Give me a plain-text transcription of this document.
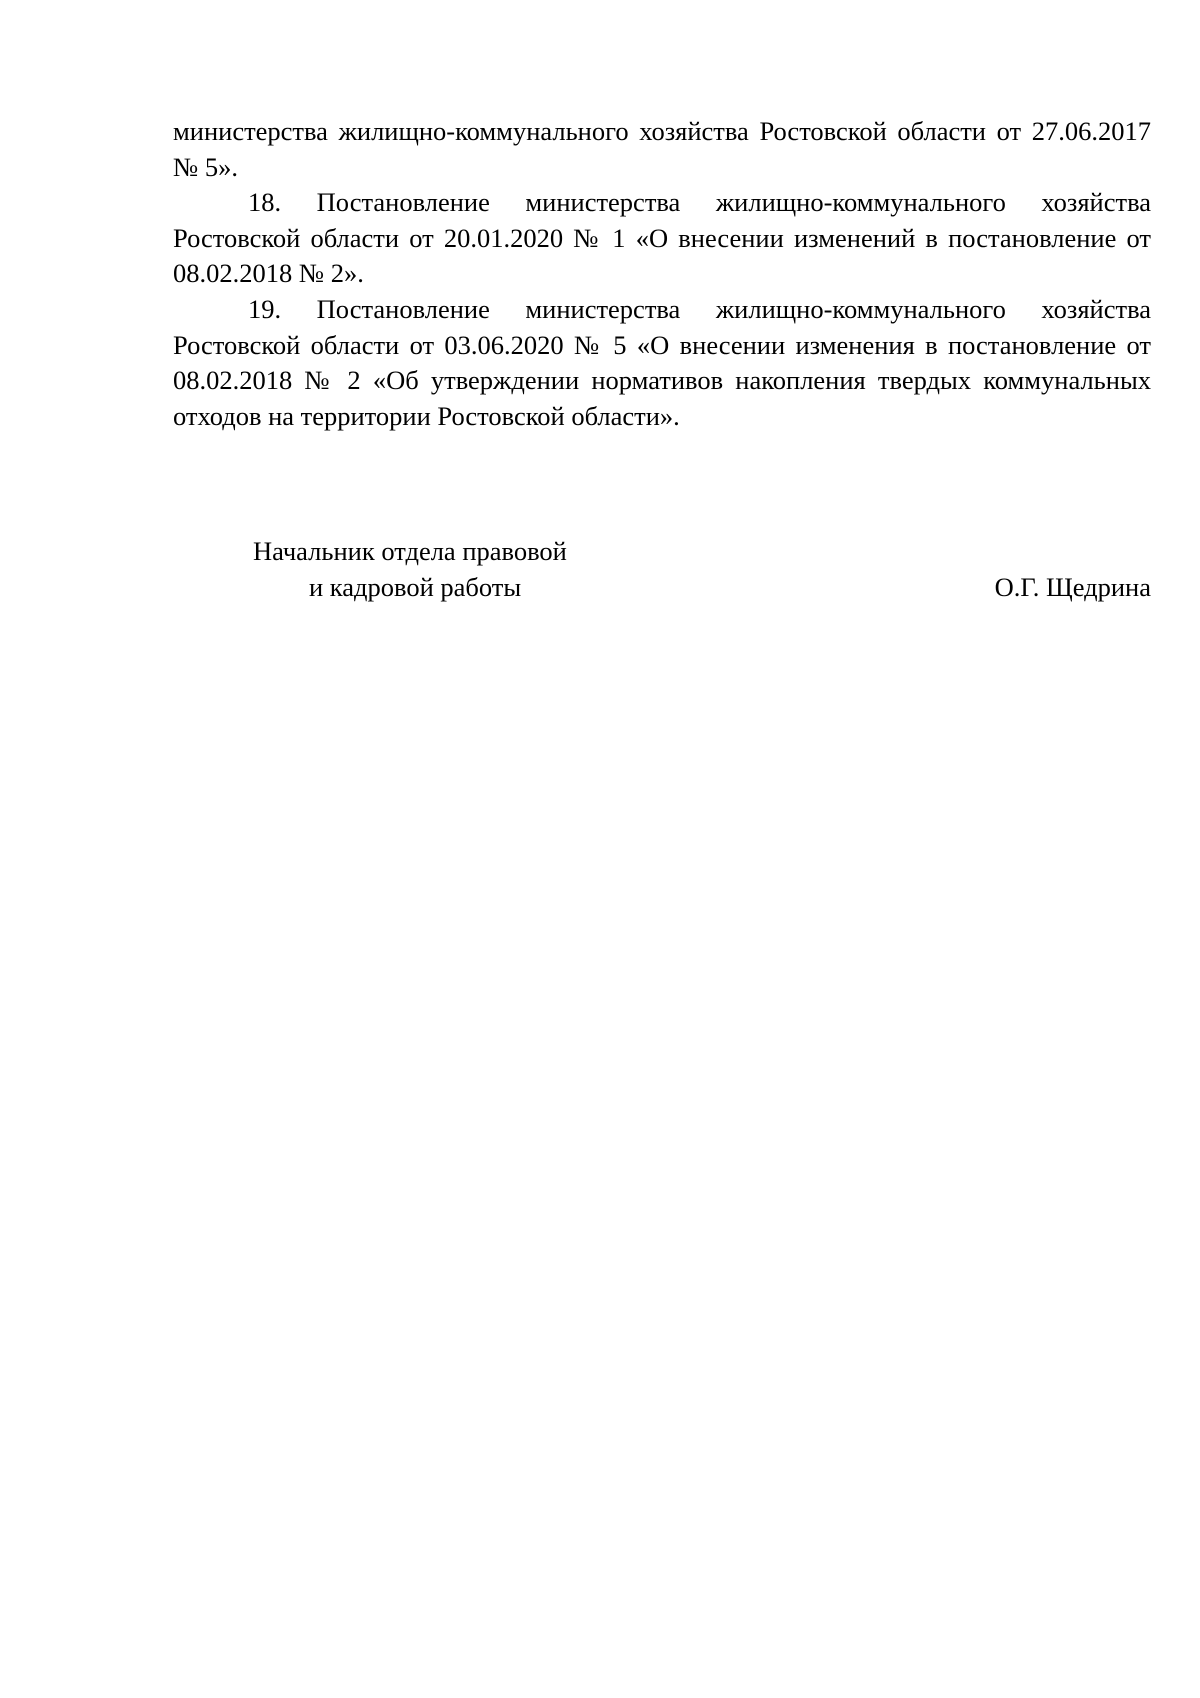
министерства жилищно-коммунального хозяйства Ростовской области от 27.06.2017 № 5».

18. Постановление министерства жилищно-коммунального хозяйства Ростовской области от 20.01.2020 № 1 «О внесении изменений в постановление от 08.02.2018 № 2».

19. Постановление министерства жилищно-коммунального хозяйства Ростовской области от 03.06.2020 № 5 «О внесении изменения в постановление от 08.02.2018 № 2 «Об утверждении нормативов накопления твердых коммунальных отходов на территории Ростовской области».

Начальник отдела правовой
и кадровой работы	О.Г. Щедрина
